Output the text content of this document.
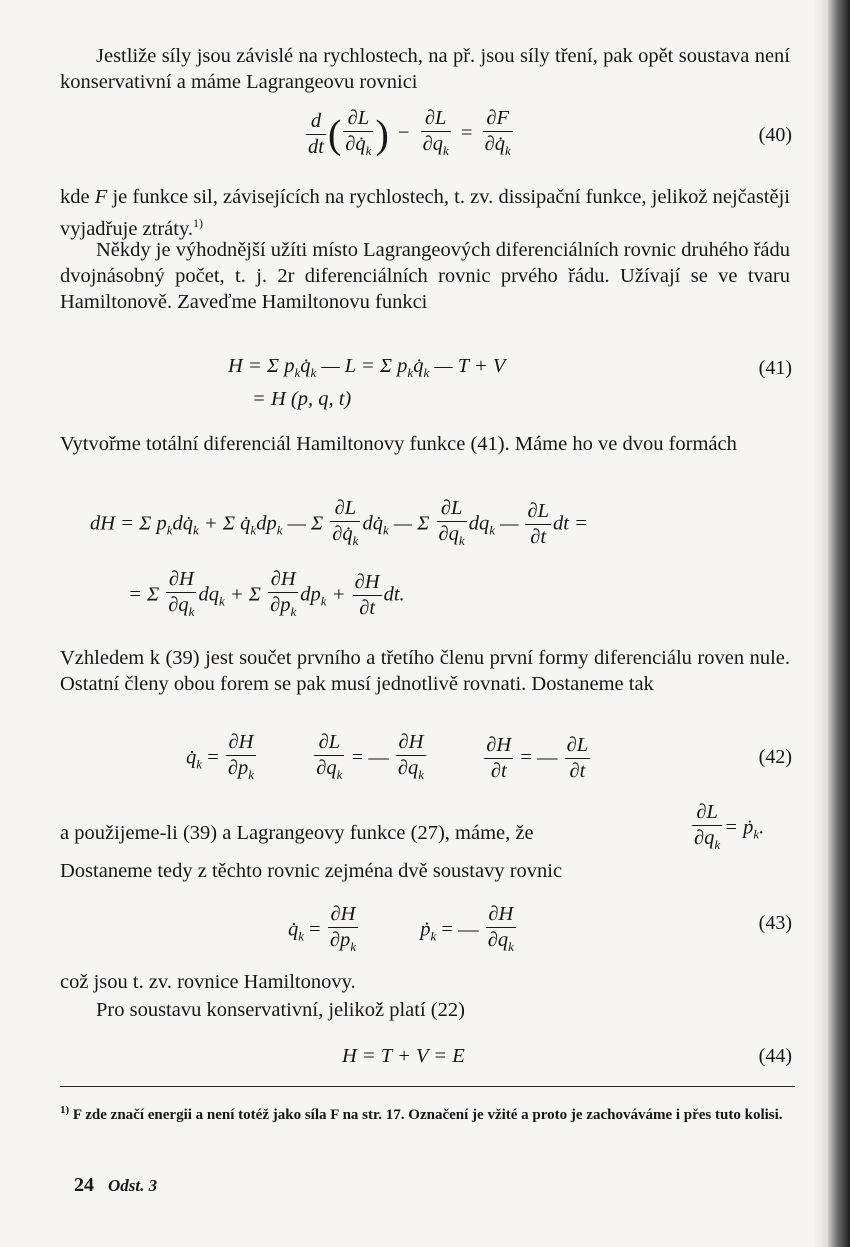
Jestliže síly jsou závislé na rychlostech, na př. jsou síly tření, pak opět soustava není konservativní a máme Lagrangeovu rovnici
$\frac{d}{dt}$ ( $\frac{\partial L}{\partial q̇_k}$ ) − $\frac{\partial L}{\partial q_k} = \frac{\partial F}{\partial q̇_k}$	(40)
kde F je funkce sil, závisejících na rychlostech, t. zv. dissipační funkce, jelikož nejčastěji vyjadřuje ztráty.$^{1)}$
Někdy je výhodnější užíti místo Lagrangeových diferenciálních rovnic druhého řádu dvojnásobný počet, t. j. 2r diferenciálních rovnic prvého řádu. Užívají se ve tvaru Hamiltonově. Zaveďme Hamiltonovu funkci
H = Σ $p_kq̇_k$ — L = Σ $p_kq̇_k$ — T + V
= H (p, q, t)
(41)
Vytvořme totální diferenciál Hamiltonovy funkce (41). Máme ho ve dvou formách
dH = Σ $p_kdq̇_k + \Sigma$ $q̇_kdp_k$ — Σ $\frac{\partial L}{\partial q̇_k}$ $dq̇_k$ — Σ $\frac{\partial L}{\partial q_k} dq_k$ — $\frac{\partial L}{\partial t}$ dt =
= Σ $\frac{\partial H}{\partial q_k} dq_k + \Sigma \frac{\partial H}{\partial p_k} dp_k + \frac{\partial H}{\partial t}$ dt.
Vzhledem k (39) jest součet prvního a třetího členu první formy diferenciálu roven nule. Ostatní členy obou forem se pak musí jednotlivě rovnati. Dostaneme tak
$q̇_k = \frac{\partial H}{\partial p_k}$
	$\frac{\partial L}{\partial q_k}$ = — $\frac{\partial H}{\partial q_k}$
	$\frac{\partial H}{\partial t}$ = — $\frac{\partial L}{\partial t}$	(42)
a použijeme-li (39) a Lagrangeovy funkce (27), máme, že	$\frac{\partial L}{\partial q_k}$ = ṗ$_k$.
Dostaneme tedy z těchto rovnic zejména dvě soustavy rovnic
$q̇_k = \frac{\partial H}{\partial p_k}$	ṗ$_k$ = — $\frac{\partial H}{\partial q_k}$	(43)
což jsou t. zv. rovnice Hamiltonovy.
Pro soustavu konservativní, jelikož platí (22)
H = T + V = E	(44)
$^{1)}$ F zde značí energii a není totéž jako síla F na str. 17. Označení je vžité a proto je zachováváme i přes tuto kolisi.
24 Odst. 3
